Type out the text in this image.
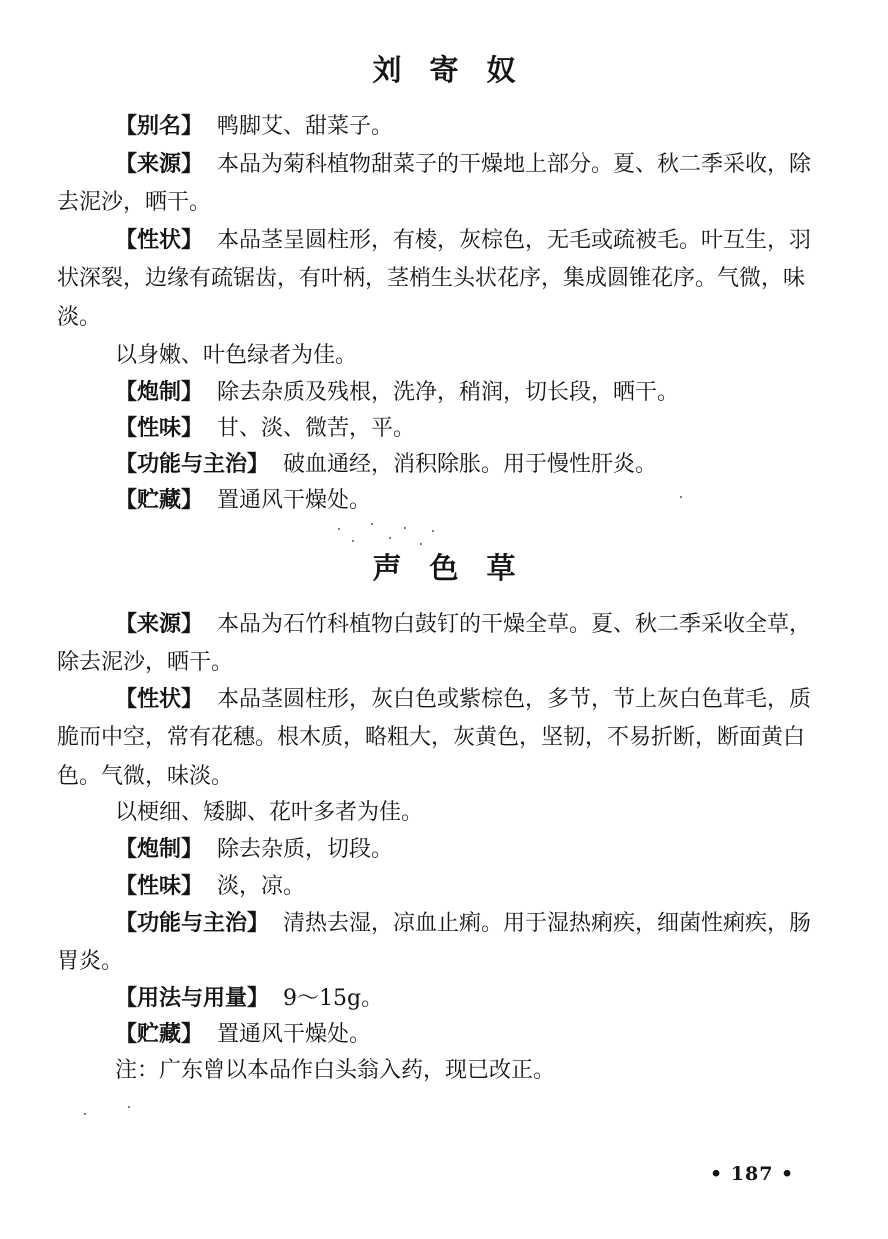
刘寄奴
【别名】 鸭脚艾、甜菜子。
【来源】 本品为菊科植物甜菜子的干燥地上部分。夏、秋二季采收，除去泥沙，晒干。
【性状】 本品茎呈圆柱形，有棱，灰棕色，无毛或疏被毛。叶互生，羽状深裂，边缘有疏锯齿，有叶柄，茎梢生头状花序，集成圆锥花序。气微，味淡。
以身嫩、叶色绿者为佳。
【炮制】 除去杂质及残根，洗净，稍润，切长段，晒干。
【性味】 甘、淡、微苦，平。
【功能与主治】 破血通经，消积除胀。用于慢性肝炎。
【贮藏】 置通风干燥处。
声色草
【来源】 本品为石竹科植物白鼓钉的干燥全草。夏、秋二季采收全草，除去泥沙，晒干。
【性状】 本品茎圆柱形，灰白色或紫棕色，多节，节上灰白色茸毛，质脆而中空，常有花穗。根木质，略粗大，灰黄色，坚韧，不易折断，断面黄白色。气微，味淡。
以梗细、矮脚、花叶多者为佳。
【炮制】 除去杂质，切段。
【性味】 淡，凉。
【功能与主治】 清热去湿，凉血止痢。用于湿热痢疾，细菌性痢疾，肠胃炎。
【用法与用量】 9～15g。
【贮藏】 置通风干燥处。
注：广东曾以本品作白头翁入药，现已改正。
• 187 •
